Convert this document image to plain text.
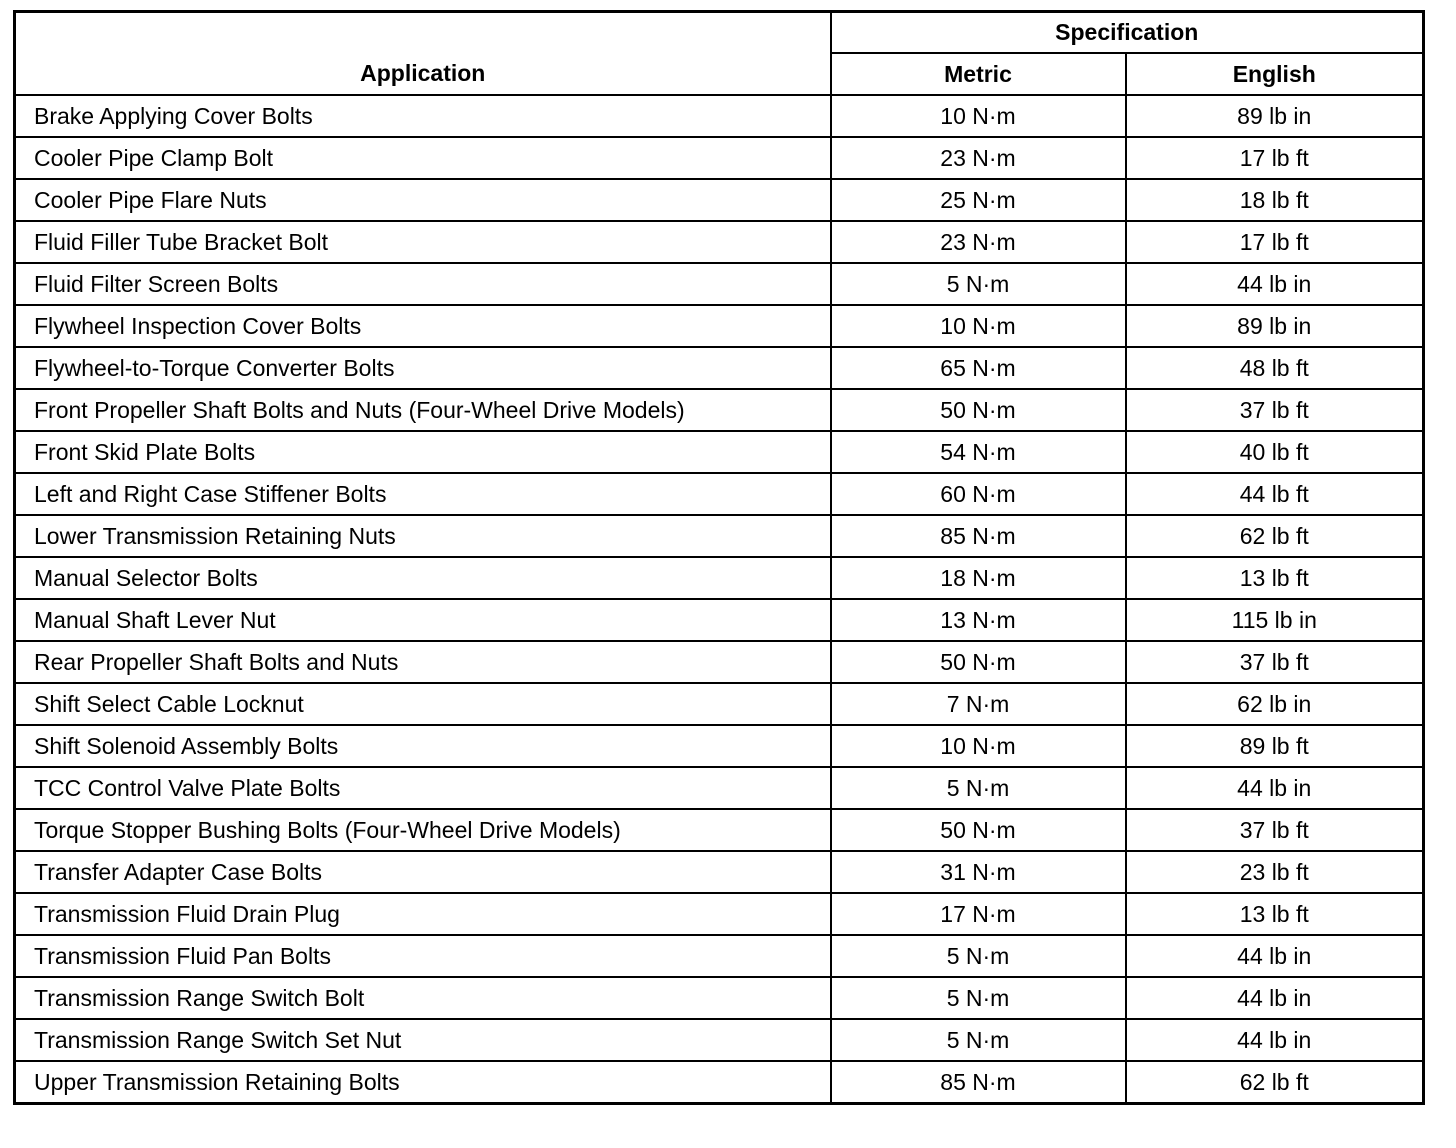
Application	Specification	
	Metric	English
Brake Applying Cover Bolts	10 N·m	89 lb in
Cooler Pipe Clamp Bolt	23 N·m	17 lb ft
Cooler Pipe Flare Nuts	25 N·m	18 lb ft
Fluid Filler Tube Bracket Bolt	23 N·m	17 lb ft
Fluid Filter Screen Bolts	5 N·m	44 lb in
Flywheel Inspection Cover Bolts	10 N·m	89 lb in
Flywheel-to-Torque Converter Bolts	65 N·m	48 lb ft
Front Propeller Shaft Bolts and Nuts (Four-Wheel Drive Models)	50 N·m	37 lb ft
Front Skid Plate Bolts	54 N·m	40 lb ft
Left and Right Case Stiffener Bolts	60 N·m	44 lb ft
Lower Transmission Retaining Nuts	85 N·m	62 lb ft
Manual Selector Bolts	18 N·m	13 lb ft
Manual Shaft Lever Nut	13 N·m	115 lb in
Rear Propeller Shaft Bolts and Nuts	50 N·m	37 lb ft
Shift Select Cable Locknut	7 N·m	62 lb in
Shift Solenoid Assembly Bolts	10 N·m	89 lb ft
TCC Control Valve Plate Bolts	5 N·m	44 lb in
Torque Stopper Bushing Bolts (Four-Wheel Drive Models)	50 N·m	37 lb ft
Transfer Adapter Case Bolts	31 N·m	23 lb ft
Transmission Fluid Drain Plug	17 N·m	13 lb ft
Transmission Fluid Pan Bolts	5 N·m	44 lb in
Transmission Range Switch Bolt	5 N·m	44 lb in
Transmission Range Switch Set Nut	5 N·m	44 lb in
Upper Transmission Retaining Bolts	85 N·m	62 lb ft
